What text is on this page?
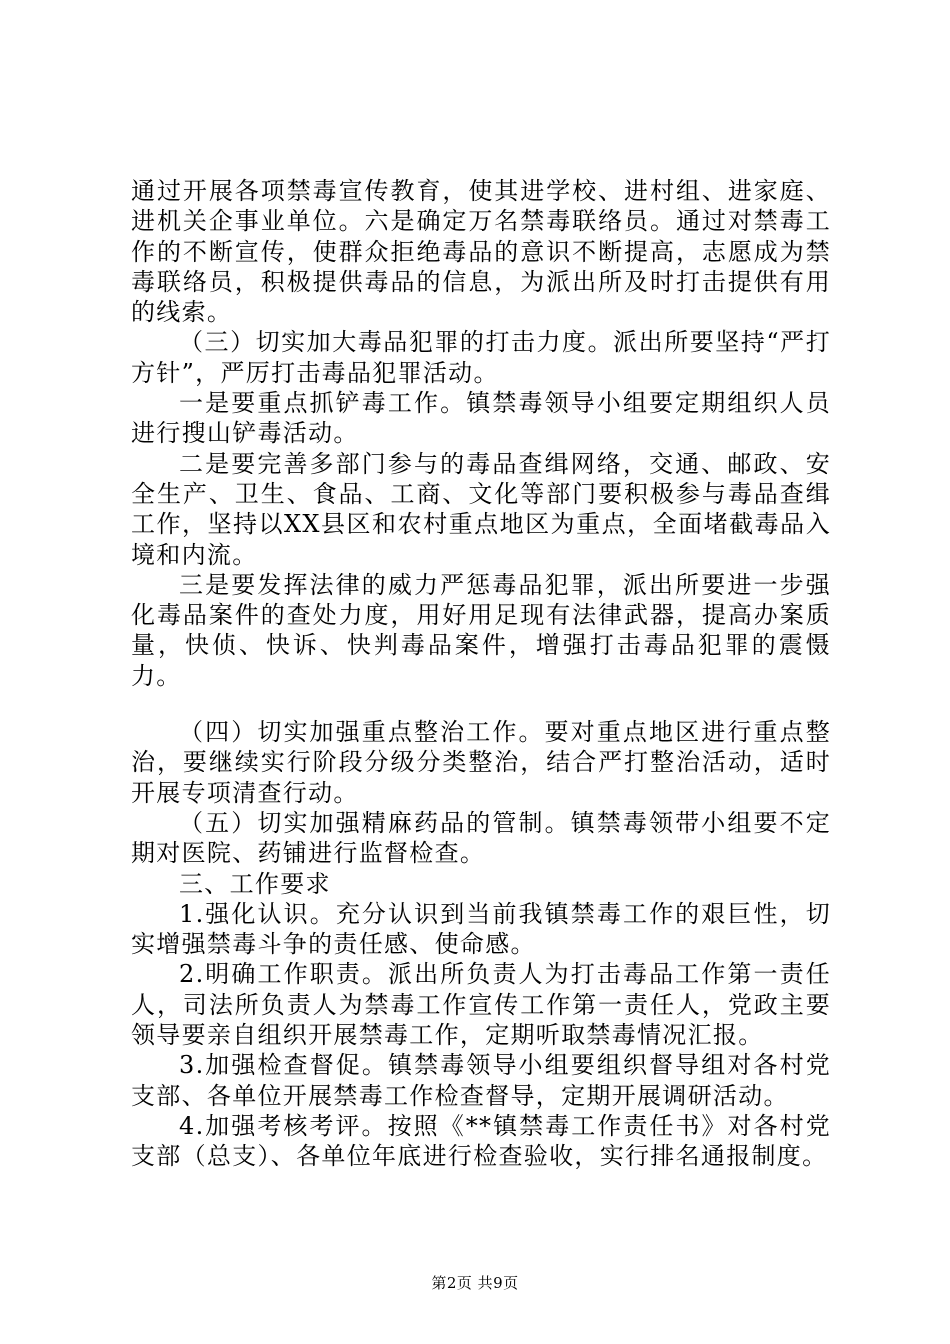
通过开展各项禁毒宣传教育，使其进学校、进村组、进家庭、进机关企事业单位。六是确定万名禁毒联络员。通过对禁毒工作的不断宣传，使群众拒绝毒品的意识不断提高，志愿成为禁毒联络员，积极提供毒品的信息，为派出所及时打击提供有用的线索。

（三）切实加大毒品犯罪的打击力度。派出所要坚持“严打方针”，严厉打击毒品犯罪活动。

一是要重点抓铲毒工作。镇禁毒领导小组要定期组织人员进行搜山铲毒活动。

二是要完善多部门参与的毒品查缉网络，交通、邮政、安全生产、卫生、食品、工商、文化等部门要积极参与毒品查缉工作，坚持以XX县区和农村重点地区为重点，全面堵截毒品入境和内流。

三是要发挥法律的威力严惩毒品犯罪，派出所要进一步强化毒品案件的查处力度，用好用足现有法律武器，提高办案质量，快侦、快诉、快判毒品案件，增强打击毒品犯罪的震慑力。

（四）切实加强重点整治工作。要对重点地区进行重点整治，要继续实行阶段分级分类整治，结合严打整治活动，适时开展专项清查行动。

（五）切实加强精麻药品的管制。镇禁毒领带小组要不定期对医院、药铺进行监督检查。

三、工作要求

1.强化认识。充分认识到当前我镇禁毒工作的艰巨性，切实增强禁毒斗争的责任感、使命感。

2.明确工作职责。派出所负责人为打击毒品工作第一责任人，司法所负责人为禁毒工作宣传工作第一责任人，党政主要领导要亲自组织开展禁毒工作，定期听取禁毒情况汇报。

3.加强检查督促。镇禁毒领导小组要组织督导组对各村党支部、各单位开展禁毒工作检查督导，定期开展调研活动。

4.加强考核考评。按照《**镇禁毒工作责任书》对各村党支部（总支）、各单位年底进行检查验收，实行排名通报制度。

第2页 共9页
